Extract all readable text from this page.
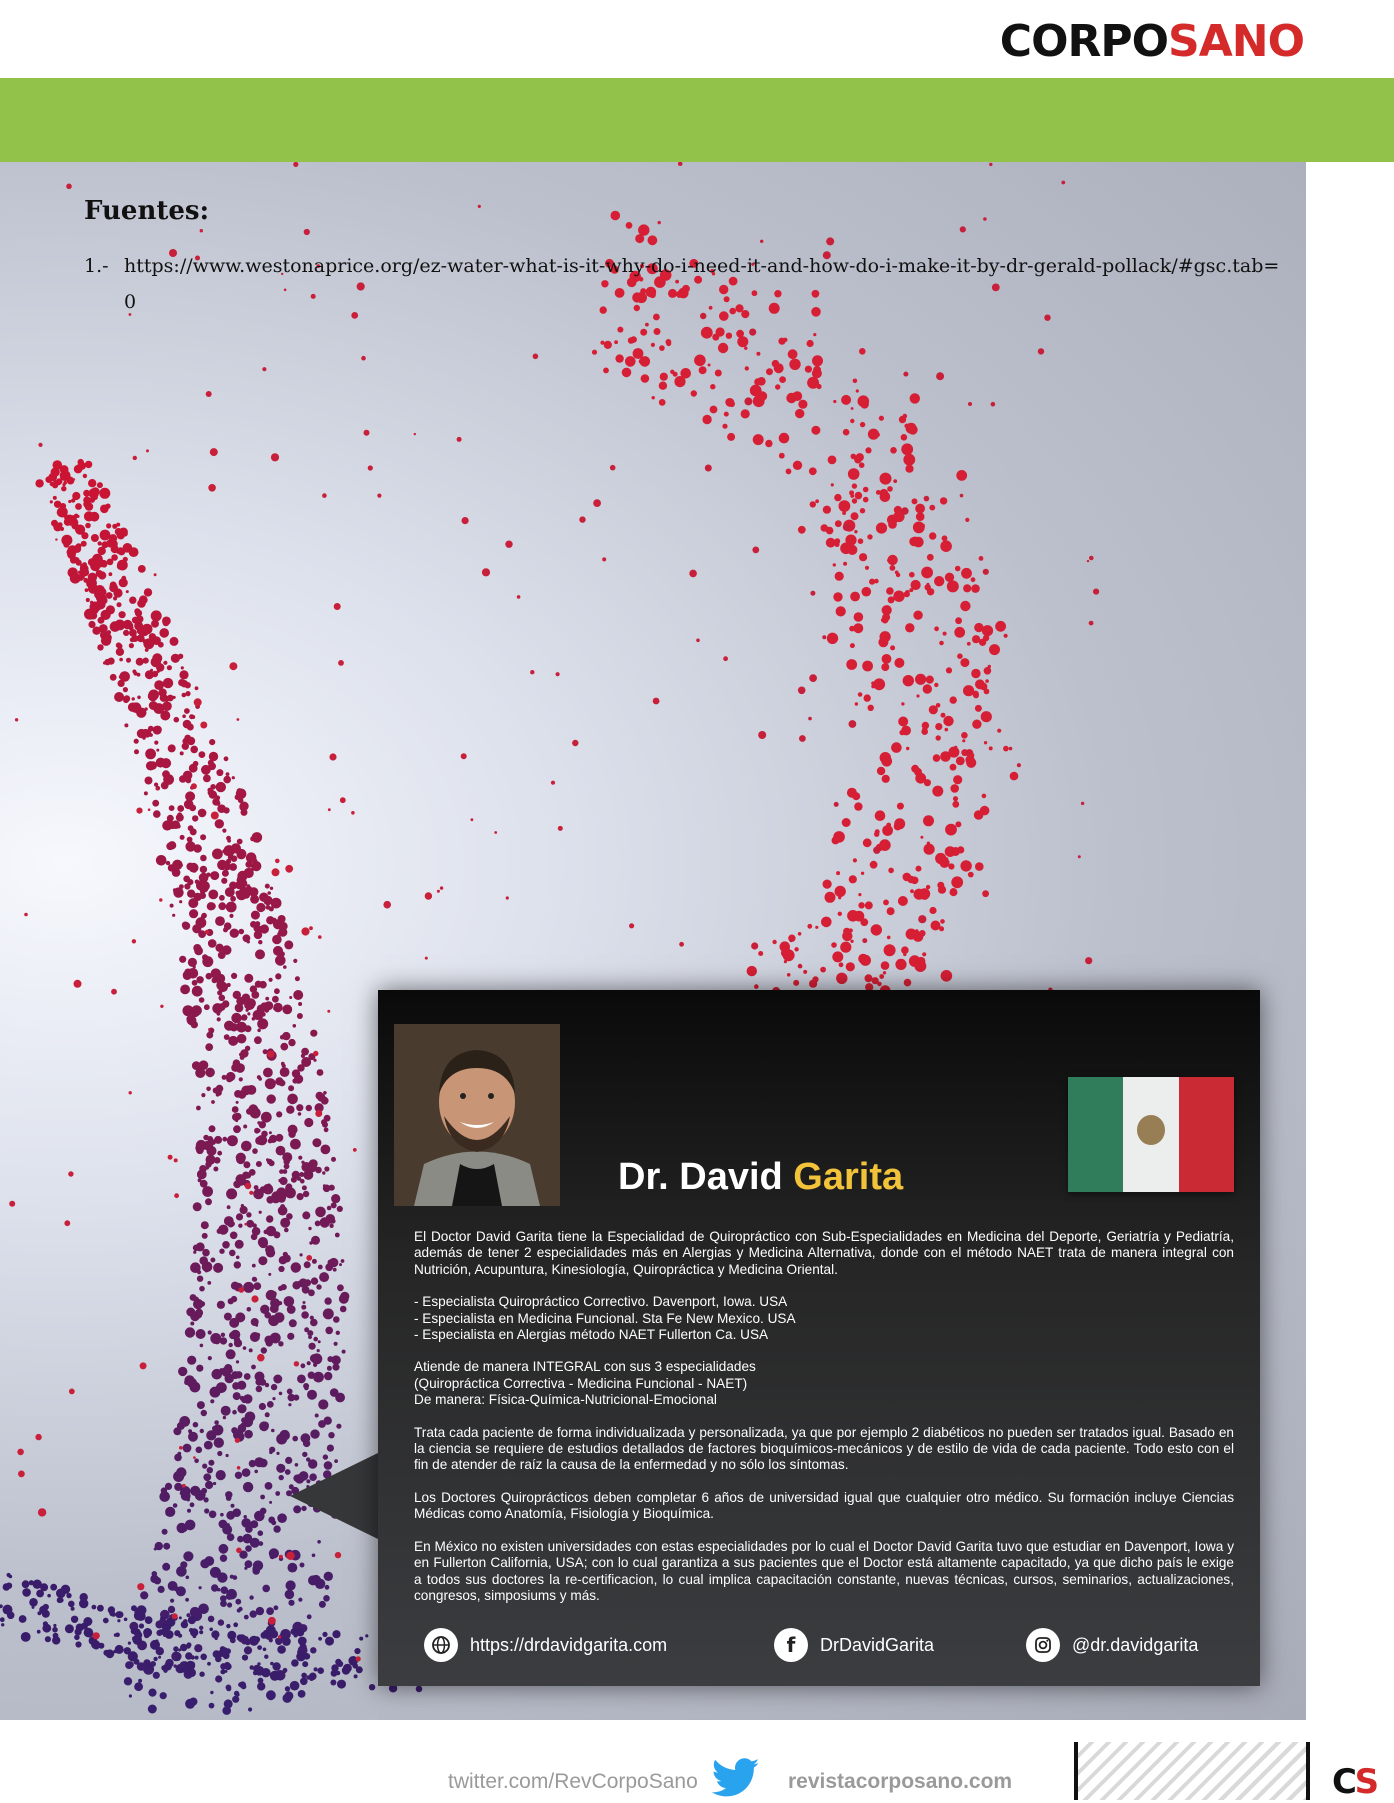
CORPOSANO
Fuentes:
1.- https://www.westonaprice.org/ez-water-what-is-it-why-do-i-need-it-and-how-do-i-make-it-by-dr-gerald-pollack/#gsc.tab=0
Dr. David Garita

El Doctor David Garita tiene la Especialidad de Quiropráctico con Sub-Especialidades en Medicina del Deporte, Geriatría y Pediatría, además de tener 2 especialidades más en Alergias y Medicina Alternativa, donde con el método NAET trata de manera integral con Nutrición, Acupuntura, Kinesiología, Quiropráctica y Medicina Oriental.

- Especialista Quiropráctico Correctivo. Davenport, Iowa. USA
- Especialista en Medicina Funcional. Sta Fe New Mexico. USA
- Especialista en Alergias método NAET Fullerton Ca. USA

Atiende de manera INTEGRAL con sus 3 especialidades
(Quiropráctica Correctiva - Medicina Funcional - NAET)
De manera: Física-Química-Nutricional-Emocional

Trata cada paciente de forma individualizada y personalizada, ya que por ejemplo 2 diabéticos no pueden ser tratados igual. Basado en la ciencia se requiere de estudios detallados de factores bioquímicos-mecánicos y de estilo de vida de cada paciente. Todo esto con el fin de atender de raíz la causa de la enfermedad y no sólo los síntomas.

Los Doctores Quiroprácticos deben completar 6 años de universidad igual que cualquier otro médico. Su formación incluye Ciencias Médicas como Anatomía, Fisiología y Bioquímica.

En México no existen universidades con estas especialidades por lo cual el Doctor David Garita tuvo que estudiar en Davenport, Iowa y en Fullerton California, USA; con lo cual garantiza a sus pacientes que el Doctor está altamente capacitado, ya que dicho país le exige a todos sus doctores la re-certificacion, lo cual implica capacitación constante, nuevas técnicas, cursos, seminarios, actualizaciones, congresos, simposiums y más.

https://drdavidgarita.com	f	DrDavidGarita	@dr.davidgarita
twitter.com/RevCorpoSano	revistacorposano.com	CS
